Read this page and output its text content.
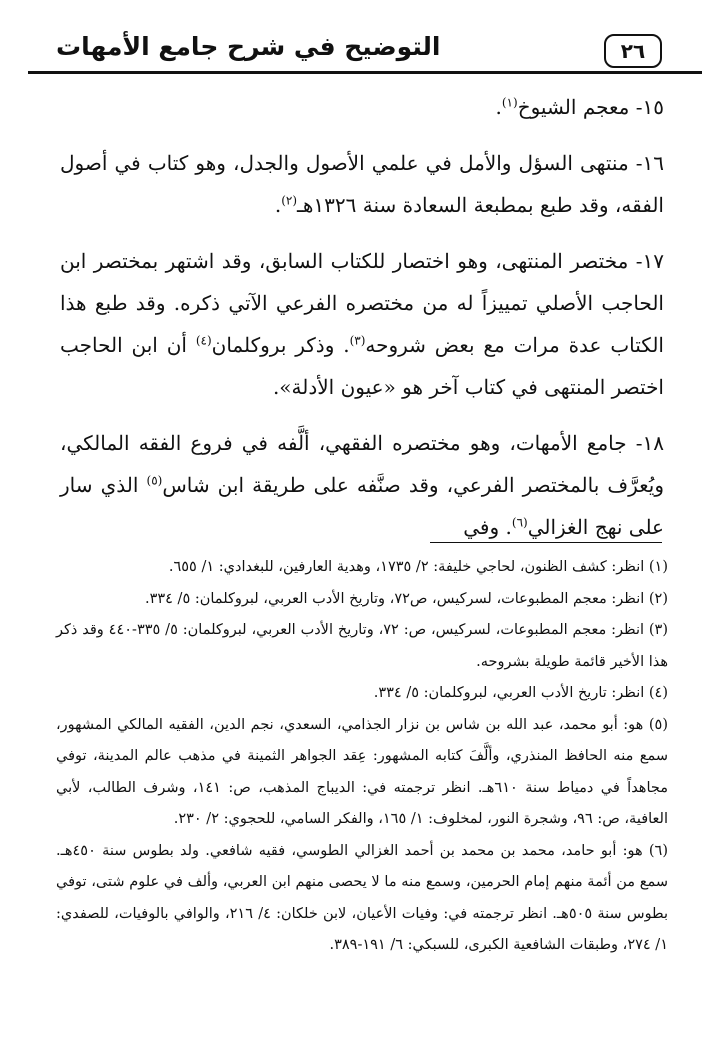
٢٦
التوضيح في شرح جامع الأمهات

١٥- معجم الشيوخ$^{(١)}$.

١٦- منتهى السؤل والأمل في علمي الأصول والجدل، وهو كتاب في أصول الفقه، وقد طبع بمطبعة السعادة سنة ١٣٢٦هـ$^{(٢)}$.

١٧- مختصر المنتهى، وهو اختصار للكتاب السابق، وقد اشتهر بمختصر ابن الحاجب الأصلي تمييزاً له من مختصره الفرعي الآتي ذكره. وقد طبع هذا الكتاب عدة مرات مع بعض شروحه$^{(٣)}$. وذكر بروكلمان$^{(٤)}$ أن ابن الحاجب اختصر المنتهى في كتاب آخر هو «عيون الأدلة».

١٨- جامع الأمهات، وهو مختصره الفقهي، ألَّفه في فروع الفقه المالكي، ويُعرَّف بالمختصر الفرعي، وقد صنَّفه على طريقة ابن شاس$^{(٥)}$ الذي سار على نهج الغزالي$^{(٦)}$. وفي

(١) انظر: كشف الظنون، لحاجي خليفة: ٢/ ١٧٣٥، وهدية العارفين، للبغدادي: ١/ ٦٥٥.

(٢) انظر: معجم المطبوعات، لسركيس، ص٧٢، وتاريخ الأدب العربي، لبروكلمان: ٥/ ٣٣٤.

(٣) انظر: معجم المطبوعات، لسركيس، ص: ٧٢، وتاريخ الأدب العربي، لبروكلمان: ٥/ ٣٣٥-٤٤٠ وقد ذكر هذا الأخير قائمة طويلة بشروحه.

(٤) انظر: تاريخ الأدب العربي، لبروكلمان: ٥/ ٣٣٤.

(٥) هو: أبو محمد، عبد الله بن شاس بن نزار الجذامي، السعدي، نجم الدين، الفقيه المالكي المشهور، سمع منه الحافظ المنذري، وألَّفَ كتابه المشهور: عِقد الجواهر الثمينة في مذهب عالم المدينة، توفي مجاهداً في دمياط سنة ٦١٠هـ. انظر ترجمته في: الديباج المذهب، ص: ١٤١، وشرف الطالب، لأبي العافية، ص: ٩٦، وشجرة النور، لمخلوف: ١/ ١٦٥، والفكر السامي، للحجوي: ٢/ ٢٣٠.

(٦) هو: أبو حامد، محمد بن محمد بن أحمد الغزالي الطوسي، فقيه شافعي. ولد بطوس سنة ٤٥٠هـ. سمع من أئمة منهم إمام الحرمين، وسمع منه ما لا يحصى منهم ابن العربي، وألف في علوم شتى، توفي بطوس سنة ٥٠٥هـ. انظر ترجمته في: وفيات الأعيان، لابن خلكان: ٤/ ٢١٦، والوافي بالوفيات، للصفدي: ١/ ٢٧٤، وطبقات الشافعية الكبرى، للسبكي: ٦/ ١٩١-٣٨٩.
